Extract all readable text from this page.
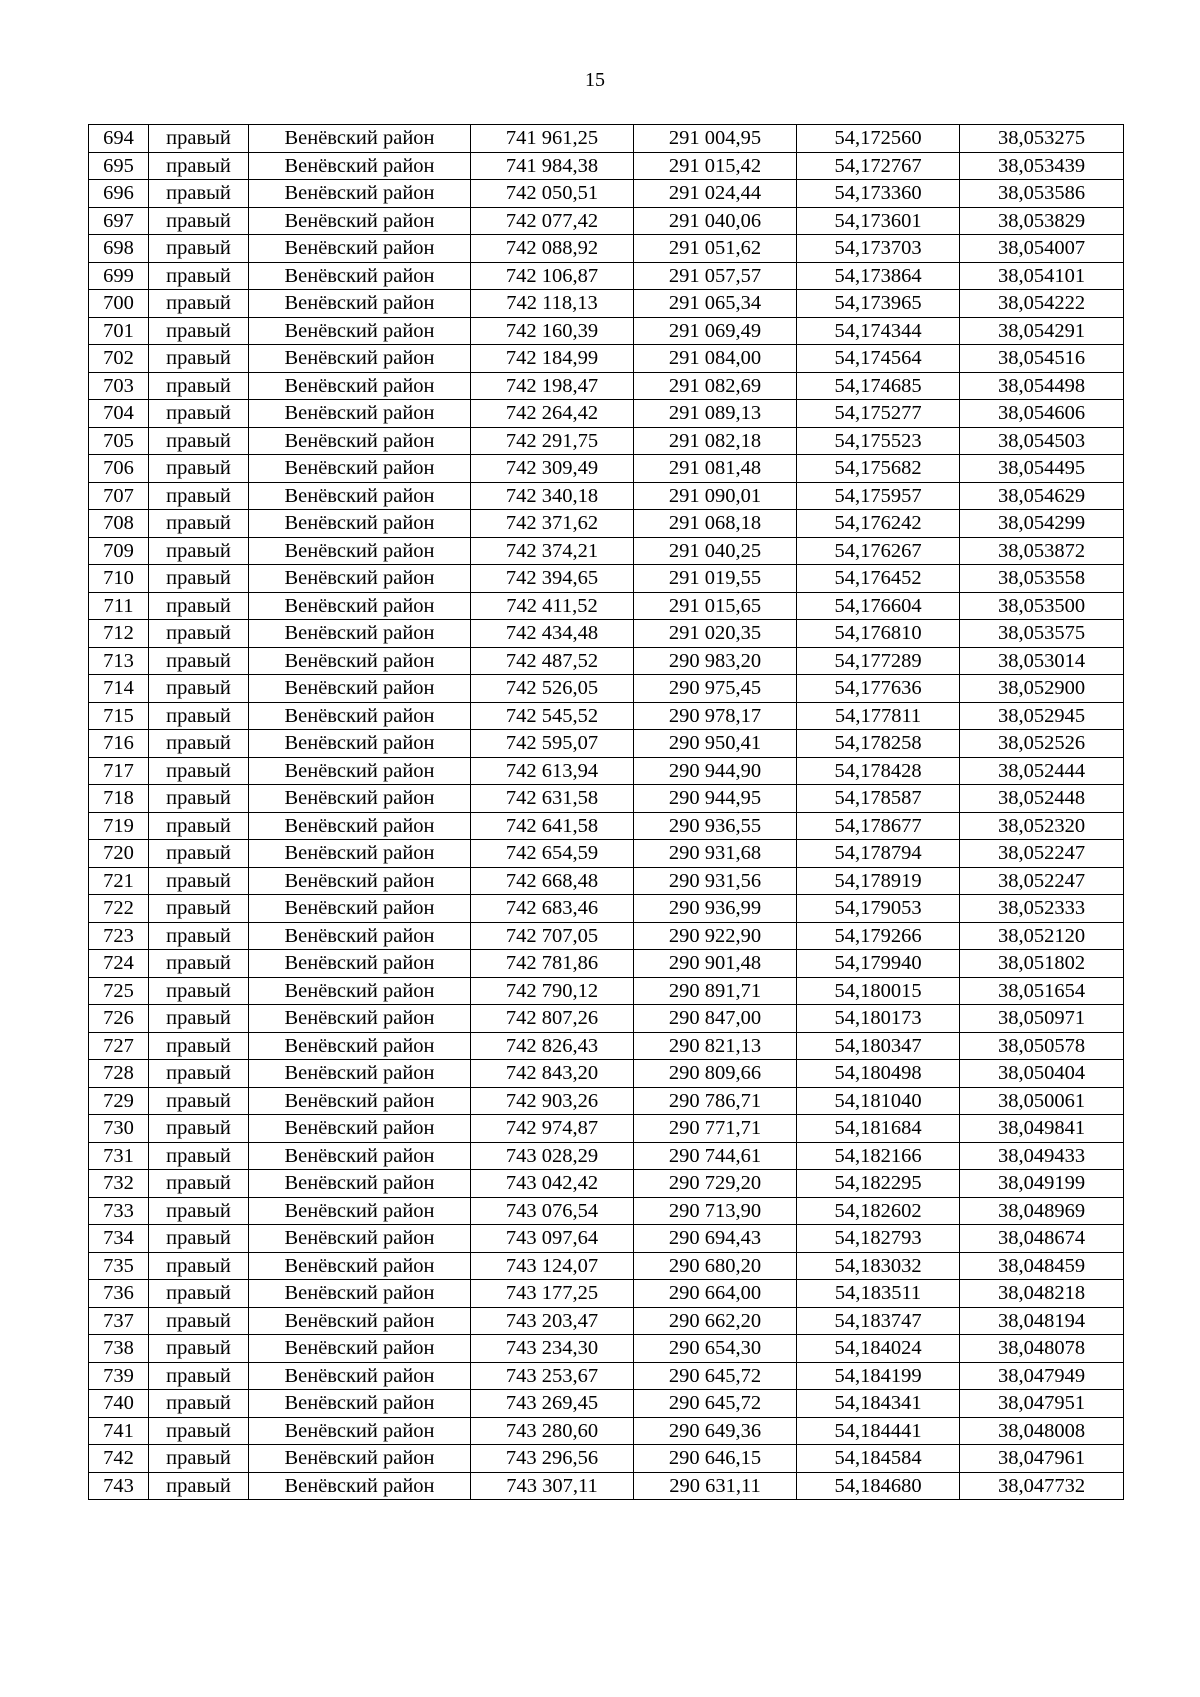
15
694	правый	Венёвский район	741 961,25	291 004,95	54,172560	38,053275
695	правый	Венёвский район	741 984,38	291 015,42	54,172767	38,053439
696	правый	Венёвский район	742 050,51	291 024,44	54,173360	38,053586
697	правый	Венёвский район	742 077,42	291 040,06	54,173601	38,053829
698	правый	Венёвский район	742 088,92	291 051,62	54,173703	38,054007
699	правый	Венёвский район	742 106,87	291 057,57	54,173864	38,054101
700	правый	Венёвский район	742 118,13	291 065,34	54,173965	38,054222
701	правый	Венёвский район	742 160,39	291 069,49	54,174344	38,054291
702	правый	Венёвский район	742 184,99	291 084,00	54,174564	38,054516
703	правый	Венёвский район	742 198,47	291 082,69	54,174685	38,054498
704	правый	Венёвский район	742 264,42	291 089,13	54,175277	38,054606
705	правый	Венёвский район	742 291,75	291 082,18	54,175523	38,054503
706	правый	Венёвский район	742 309,49	291 081,48	54,175682	38,054495
707	правый	Венёвский район	742 340,18	291 090,01	54,175957	38,054629
708	правый	Венёвский район	742 371,62	291 068,18	54,176242	38,054299
709	правый	Венёвский район	742 374,21	291 040,25	54,176267	38,053872
710	правый	Венёвский район	742 394,65	291 019,55	54,176452	38,053558
711	правый	Венёвский район	742 411,52	291 015,65	54,176604	38,053500
712	правый	Венёвский район	742 434,48	291 020,35	54,176810	38,053575
713	правый	Венёвский район	742 487,52	290 983,20	54,177289	38,053014
714	правый	Венёвский район	742 526,05	290 975,45	54,177636	38,052900
715	правый	Венёвский район	742 545,52	290 978,17	54,177811	38,052945
716	правый	Венёвский район	742 595,07	290 950,41	54,178258	38,052526
717	правый	Венёвский район	742 613,94	290 944,90	54,178428	38,052444
718	правый	Венёвский район	742 631,58	290 944,95	54,178587	38,052448
719	правый	Венёвский район	742 641,58	290 936,55	54,178677	38,052320
720	правый	Венёвский район	742 654,59	290 931,68	54,178794	38,052247
721	правый	Венёвский район	742 668,48	290 931,56	54,178919	38,052247
722	правый	Венёвский район	742 683,46	290 936,99	54,179053	38,052333
723	правый	Венёвский район	742 707,05	290 922,90	54,179266	38,052120
724	правый	Венёвский район	742 781,86	290 901,48	54,179940	38,051802
725	правый	Венёвский район	742 790,12	290 891,71	54,180015	38,051654
726	правый	Венёвский район	742 807,26	290 847,00	54,180173	38,050971
727	правый	Венёвский район	742 826,43	290 821,13	54,180347	38,050578
728	правый	Венёвский район	742 843,20	290 809,66	54,180498	38,050404
729	правый	Венёвский район	742 903,26	290 786,71	54,181040	38,050061
730	правый	Венёвский район	742 974,87	290 771,71	54,181684	38,049841
731	правый	Венёвский район	743 028,29	290 744,61	54,182166	38,049433
732	правый	Венёвский район	743 042,42	290 729,20	54,182295	38,049199
733	правый	Венёвский район	743 076,54	290 713,90	54,182602	38,048969
734	правый	Венёвский район	743 097,64	290 694,43	54,182793	38,048674
735	правый	Венёвский район	743 124,07	290 680,20	54,183032	38,048459
736	правый	Венёвский район	743 177,25	290 664,00	54,183511	38,048218
737	правый	Венёвский район	743 203,47	290 662,20	54,183747	38,048194
738	правый	Венёвский район	743 234,30	290 654,30	54,184024	38,048078
739	правый	Венёвский район	743 253,67	290 645,72	54,184199	38,047949
740	правый	Венёвский район	743 269,45	290 645,72	54,184341	38,047951
741	правый	Венёвский район	743 280,60	290 649,36	54,184441	38,048008
742	правый	Венёвский район	743 296,56	290 646,15	54,184584	38,047961
743	правый	Венёвский район	743 307,11	290 631,11	54,184680	38,047732
